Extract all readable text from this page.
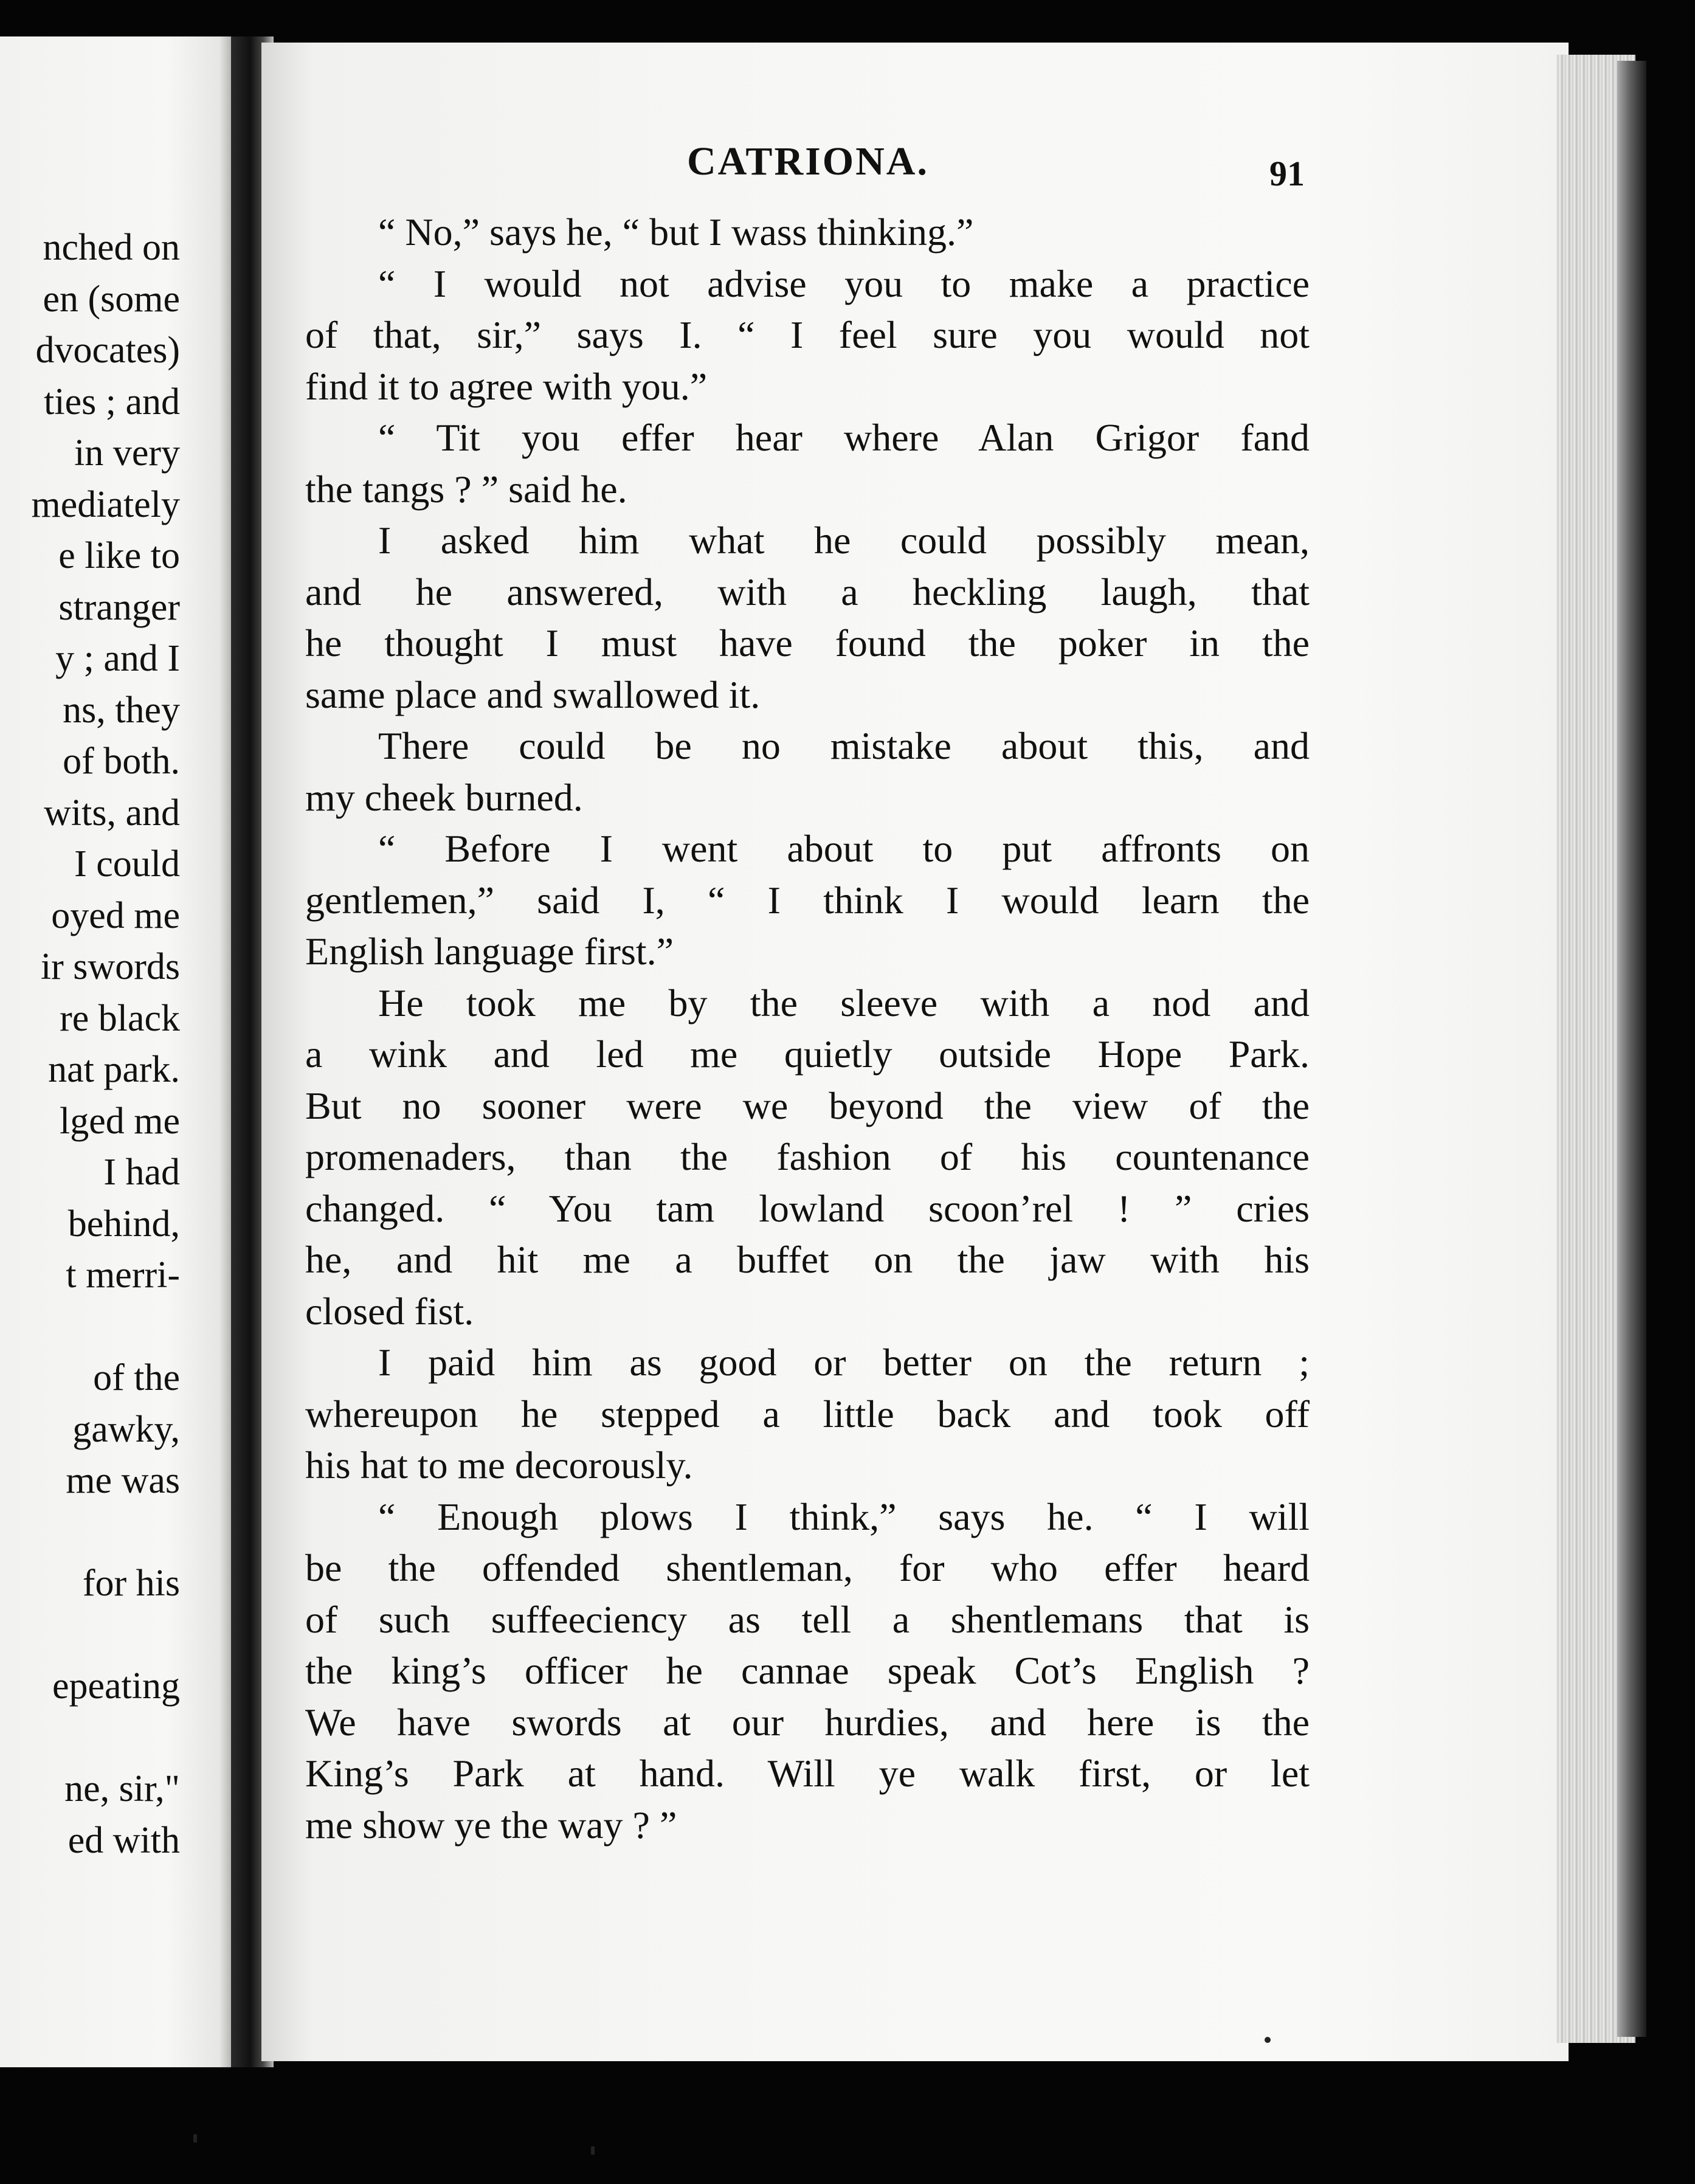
nched on
en (some
dvocates)
ties ; and
in very
mediately
e like to
stranger
y ; and I
ns, they
of both.
wits, and
I could
oyed me
ir swords
re black
nat park.
lged me
I had
behind,
t merri-
of the
gawky,
me was
for his
epeating
ne, sir,"
ed with
CATRIONA.	91
“ No,” says he, “ but I wass thinking.”
“ I would not advise you to make a practice
of that, sir,” says I. “ I feel sure you would not
find it to agree with you.”
“ Tit you effer hear where Alan Grigor fand
the tangs ? ” said he.
I asked him what he could possibly mean,
and he answered, with a heckling laugh, that
he thought I must have found the poker in the
same place and swallowed it.
There could be no mistake about this, and
my cheek burned.
“ Before I went about to put affronts on
gentlemen,” said I, “ I think I would learn the
English language first.”
He took me by the sleeve with a nod and
a wink and led me quietly outside Hope Park.
But no sooner were we beyond the view of the
promenaders, than the fashion of his countenance
changed. “ You tam lowland scoon’rel ! ” cries
he, and hit me a buffet on the jaw with his
closed fist.
I paid him as good or better on the return ;
whereupon he stepped a little back and took off
his hat to me decorously.
“ Enough plows I think,” says he. “ I will
be the offended shentleman, for who effer heard
of such suffeeciency as tell a shentlemans that is
the king’s officer he cannae speak Cot’s English ?
We have swords at our hurdies, and here is the
King’s Park at hand. Will ye walk first, or let
me show ye the way ? ”
